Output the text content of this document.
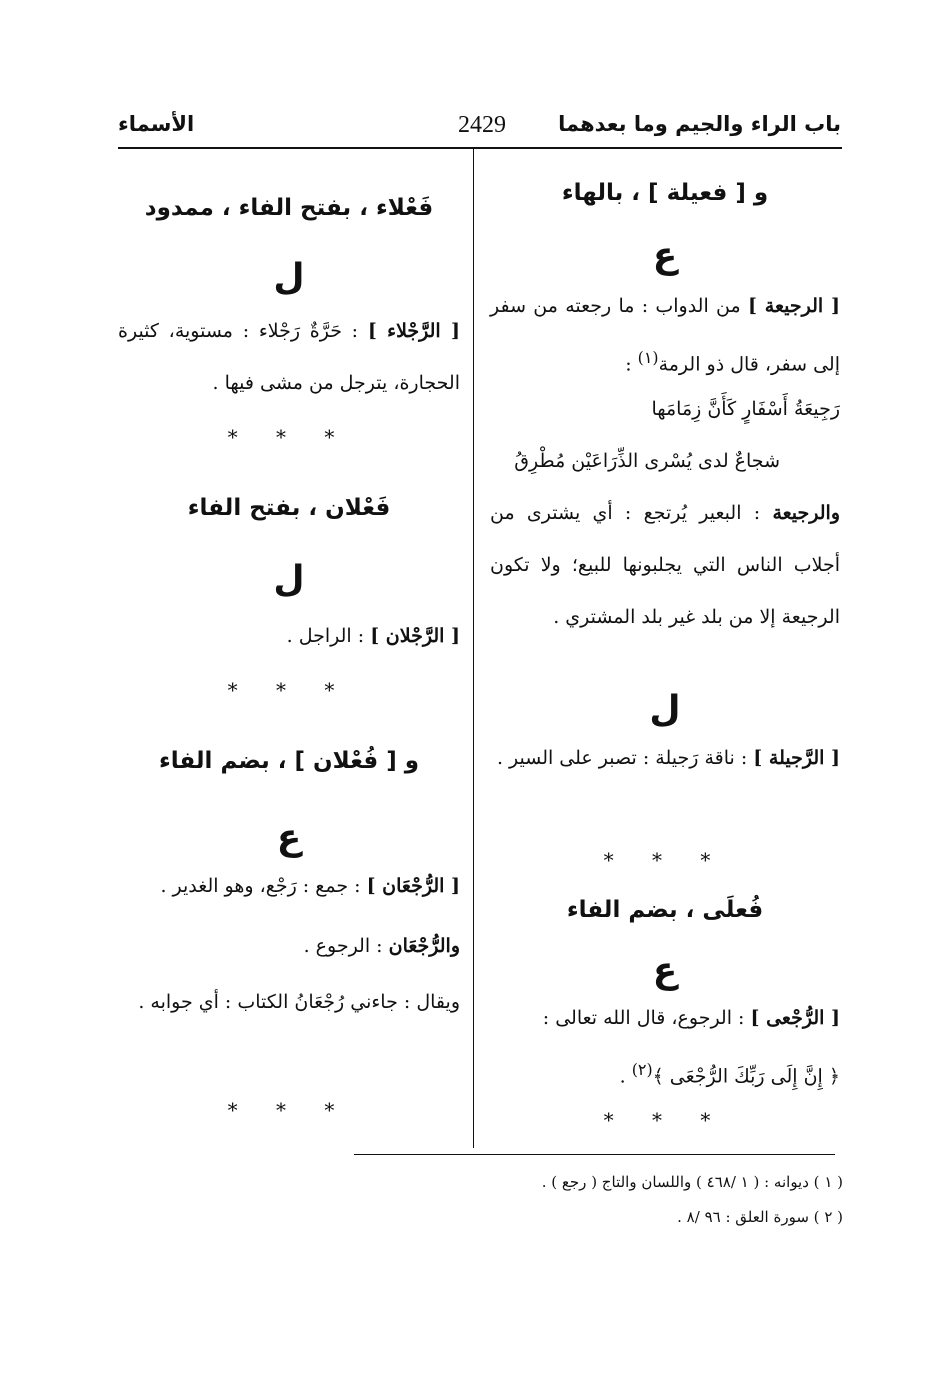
باب الراء والجيم وما بعدهما
2429
الأسماء
و [ فعيلة ] ، بالهاء
ع
[ الرجيعة ] من الدواب : ما رجعته من سفر إلى سفر، قال ذو الرمة$^{(١)}$ :
رَجِيعَةُ أَسْفَارٍ كَأَنَّ زِمَامَها
شجاعٌ لدى يُسْرى الذِّرَاعَيْن مُطْرِقُ
والرجيعة : البعير يُرتجع : أي يشترى من أجلاب الناس التي يجلبونها للبيع؛ ولا تكون الرجيعة إلا من بلد غير بلد المشتري .
ل
[ الرَّجيلة ] : ناقة رَجيلة : تصبر على السير .
* * *
فُعلَى ، بضم الفاء
ع
[ الرُّجْعى ] : الرجوع، قال الله تعالى :
﴿ إِنَّ إِلَى رَبِّكَ الرُّجْعَى ﴾$^{(٢)}$ .
* * *
فَعْلاء ، بفتح الفاء ، ممدود
ل
[ الرَّجْلاء ] : حَرَّةٌ رَجْلاء : مستوية، كثيرة الحجارة، يترجل من مشى فيها .
* * *
فَعْلان ، بفتح الفاء
ل
[ الرَّجْلان ] : الراجل .
* * *
و [ فُعْلان ] ، بضم الفاء
ع
[ الرُّجْعَان ] : جمع : رَجْع، وهو الغدير .
والرُّجْعَان : الرجوع .
ويقال : جاءني رُجْعَانُ الكتاب : أي جوابه .
* * *
( ١ ) ديوانه : ( ١ /٤٦٨ ) واللسان والتاج ( رجع ) .
( ٢ ) سورة العلق : ٩٦ /٨ .
